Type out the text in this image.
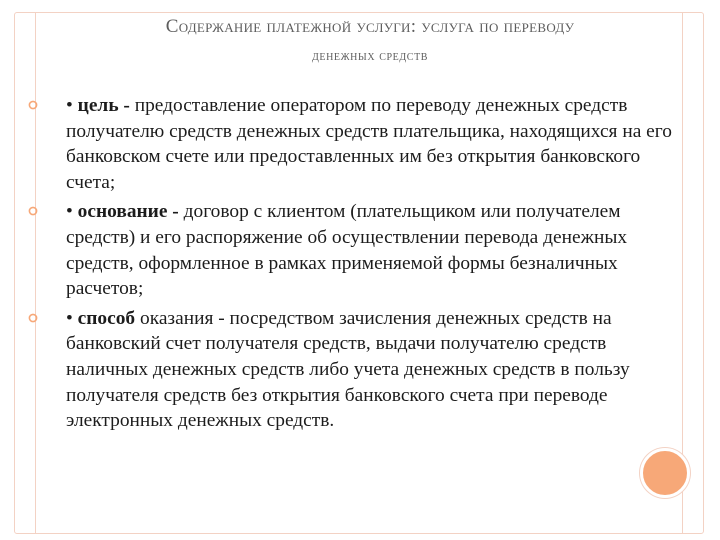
Содержание платежной услуги: услуга по переводу
денежных средств
• цель - предоставление оператором по переводу денежных средств получателю средств денежных средств плательщика, находящихся на его банковском счете или предоставленных им без открытия банковского счета;
• основание - договор с клиентом (плательщиком или получателем средств) и его распоряжение об осуществлении перевода денежных средств, оформленное в рамках применяемой формы безналичных расчетов;
• способ оказания - посредством зачисления денежных средств на банковский счет получателя средств, выдачи получателю средств наличных денежных средств либо учета денежных средств в пользу получателя средств без открытия банковского счета при переводе электронных денежных средств.
